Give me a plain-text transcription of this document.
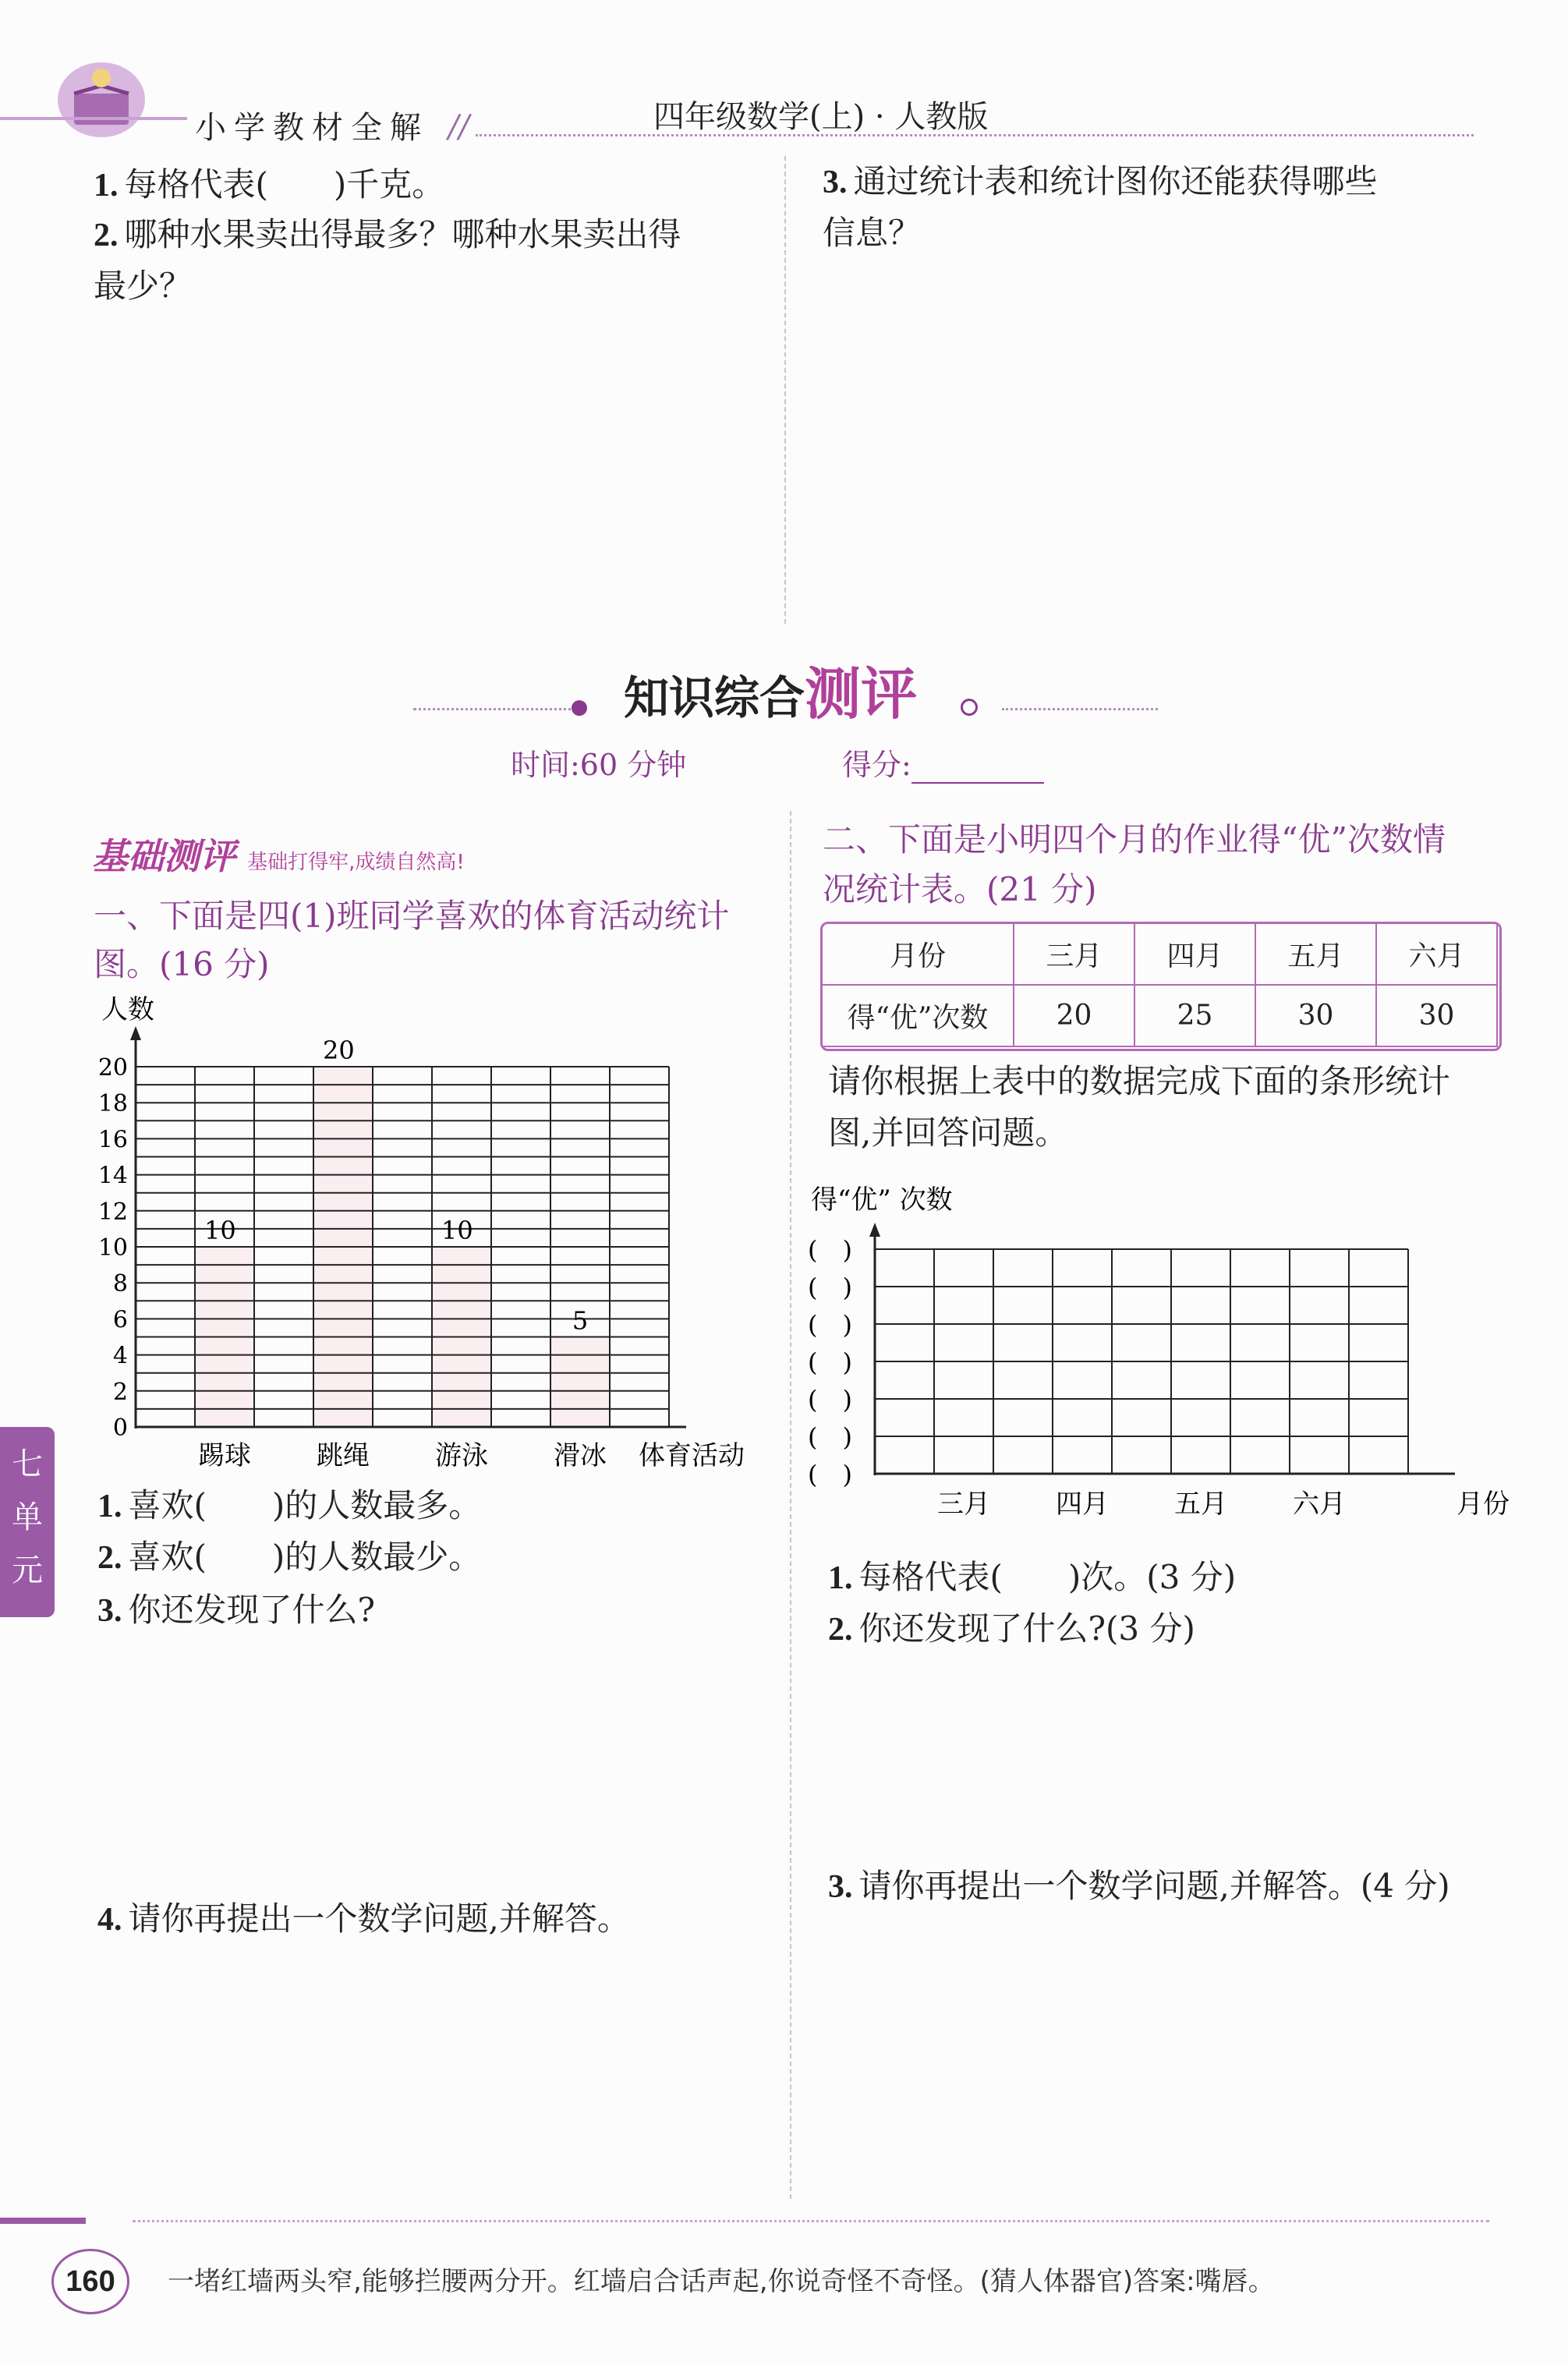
小学教材全解 //	四年级数学(上) · 人教版
1. 每格代表(　　)千克。
2. 哪种水果卖出得最多？哪种水果卖出得
最少？
3. 通过统计表和统计图你还能获得哪些
信息？
知识综合测评
时间:60 分钟	得分:
基础测评 基础打得牢,成绩自然高!
一、下面是四(1)班同学喜欢的体育活动统计
图。(16 分)
0
2
4
6
8
10
12
14
16
18
20
人数
踢球
10
跳绳
20
游泳
10
滑冰
5
体育活动
1. 喜欢(　　)的人数最多。
2. 喜欢(　　)的人数最少。
3. 你还发现了什么?
4. 请你再提出一个数学问题,并解答。
二、下面是小明四个月的作业得“优”次数情
况统计表。(21 分)
月份	三月	四月	五月	六月
得“优”次数	20	25	30	30
请你根据上表中的数据完成下面的条形统计
图,并回答问题。
得“优” 次数
(　)
(　)
(　)
(　)
(　)
(　)
(　)
三月 四月 五月 六月	月份
1. 每格代表(　　)次。(3 分)
2. 你还发现了什么?(3 分)
3. 请你再提出一个数学问题,并解答。(4 分)
七
单
元
160	一堵红墙两头窄,能够拦腰两分开。红墙启合话声起,你说奇怪不奇怪。(猜人体器官)答案:嘴唇。
